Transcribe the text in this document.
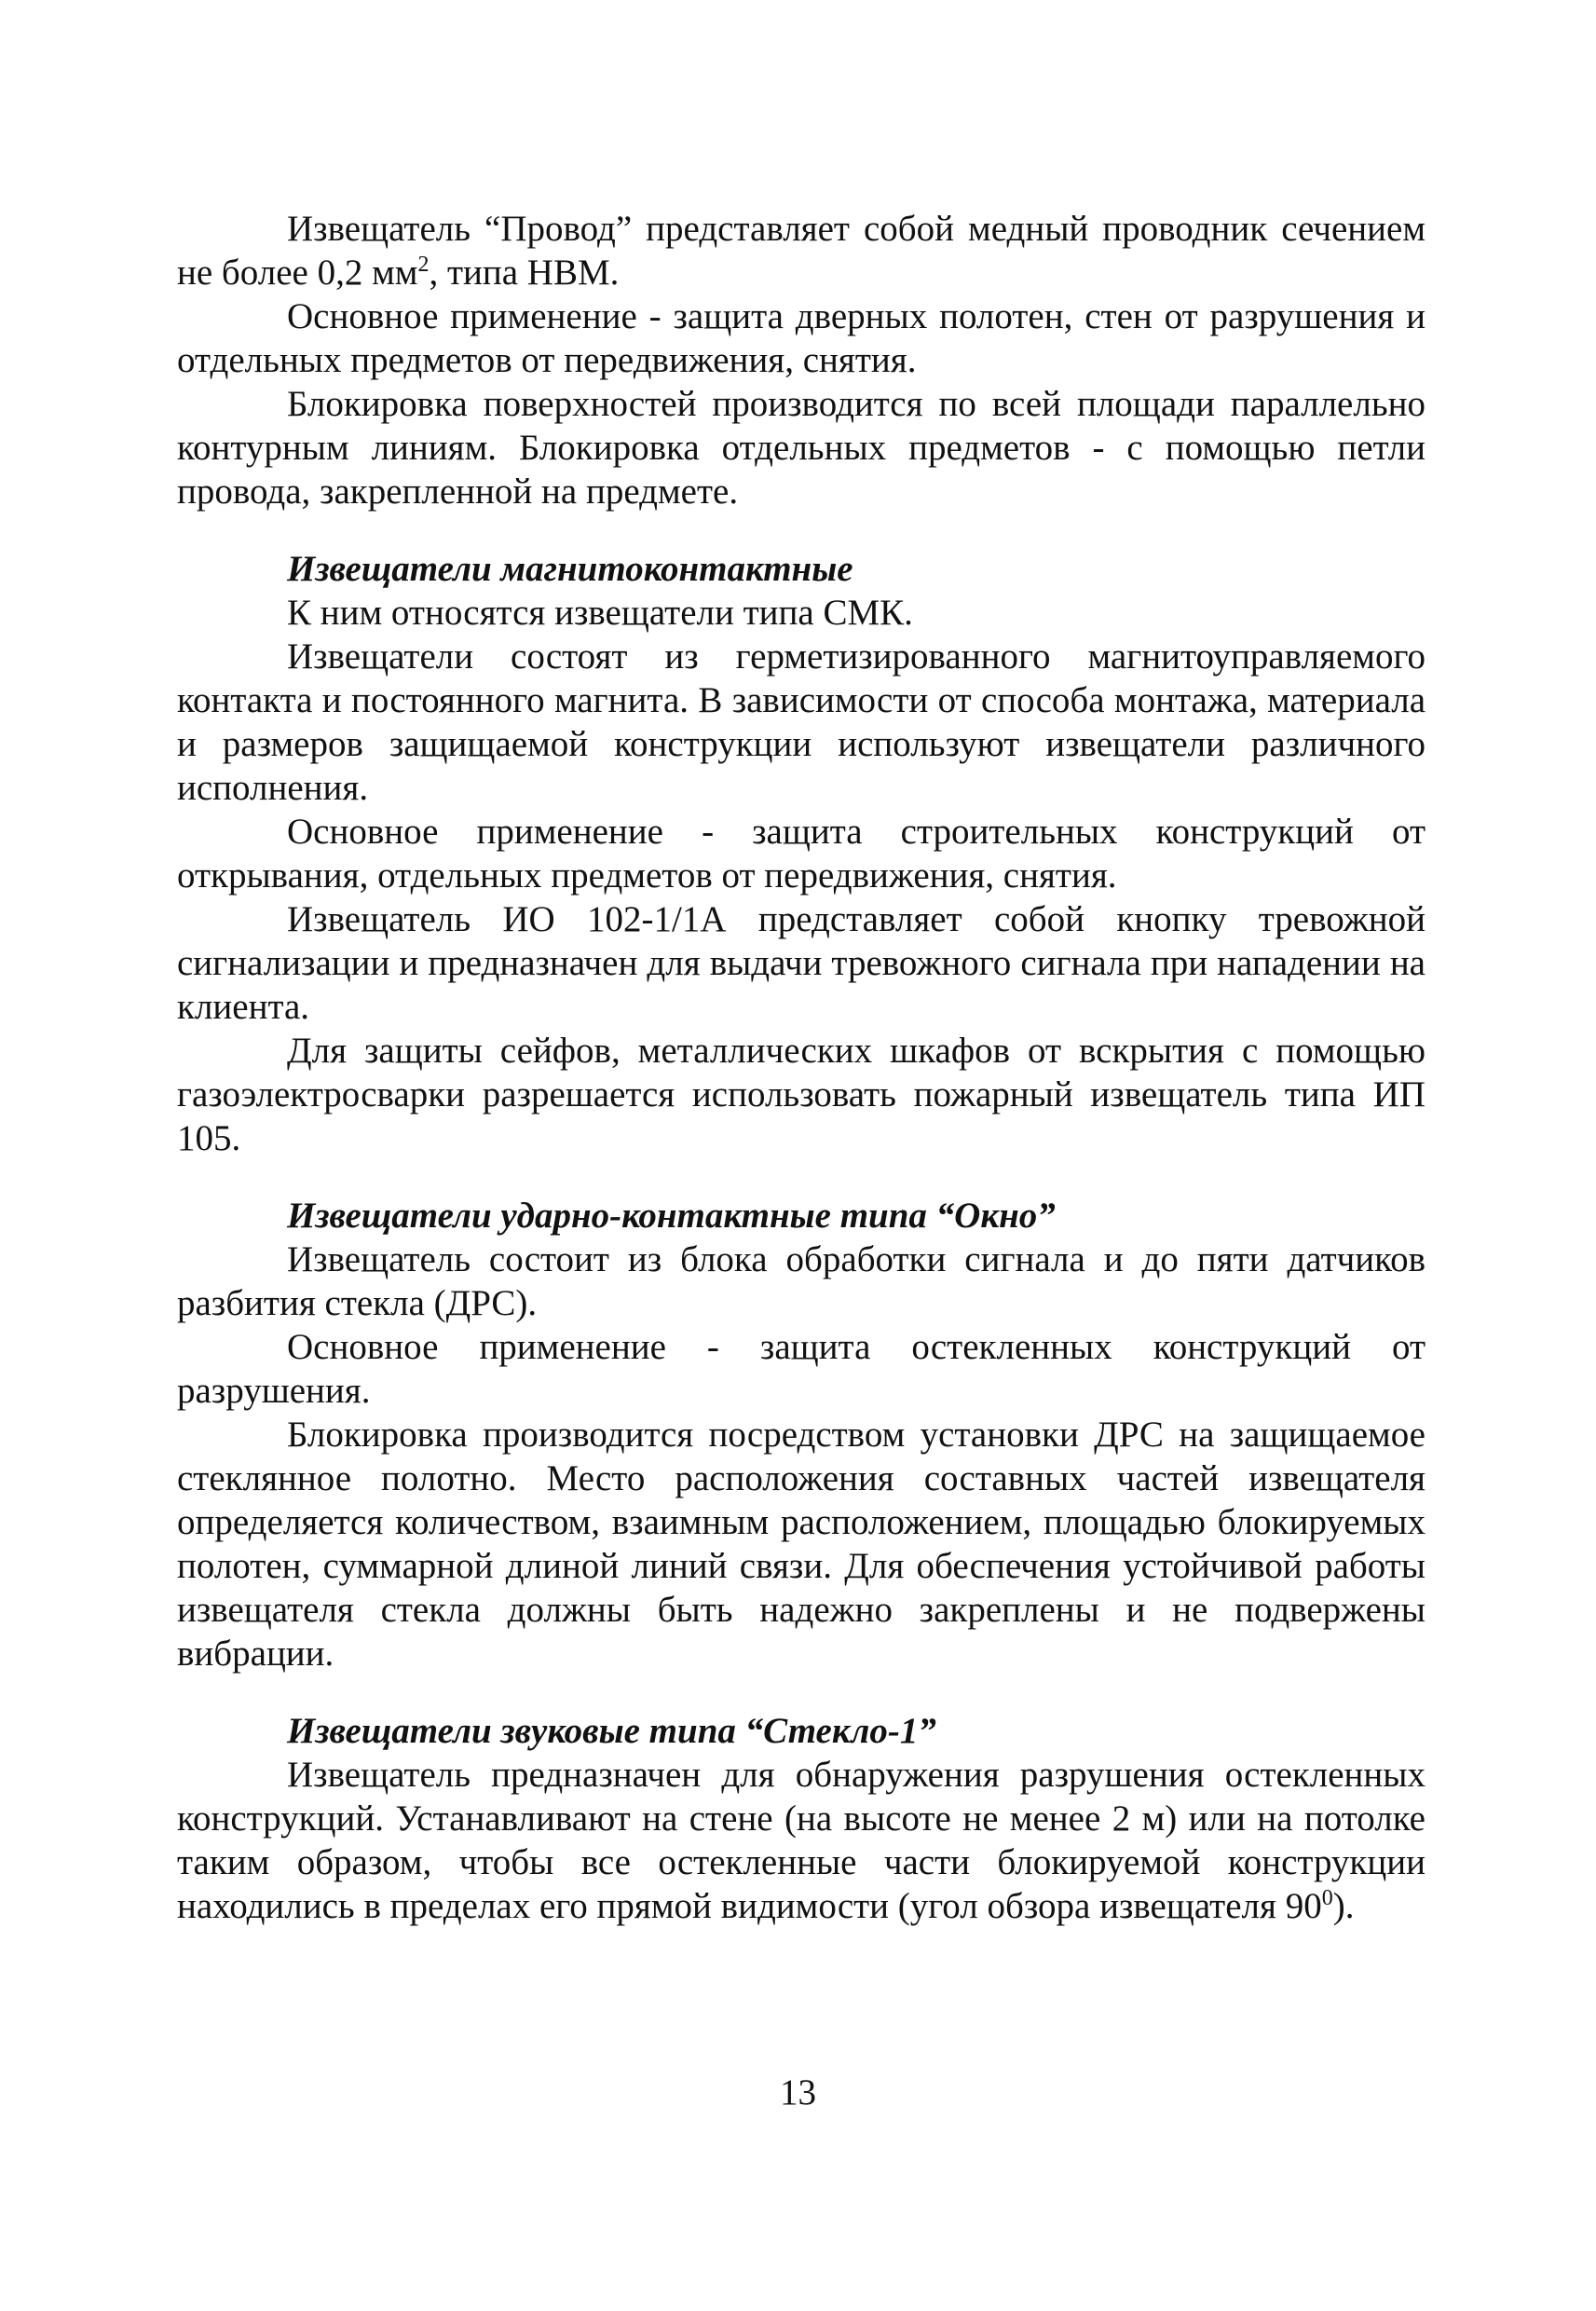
Извещатель “Провод” представляет собой медный проводник сечением не более 0,2 $мм^2$, типа НВМ.

Основное применение - защита дверных полотен, стен от разрушения и отдельных предметов от передвижения, снятия.

Блокировка поверхностей производится по всей площади параллельно контурным линиям. Блокировка отдельных предметов - с помощью петли провода, закрепленной на предмете.

Извещатели магнитоконтактные

К ним относятся извещатели типа СМК.

Извещатели состоят из герметизированного магнитоуправляемого контакта и постоянного магнита. В зависимости от способа монтажа, материала и размеров защищаемой конструкции используют извещатели различного исполнения.

Основное применение - защита строительных конструкций от открывания, отдельных предметов от передвижения, снятия.

Извещатель ИО 102-1/1А представляет собой кнопку тревожной сигнализации и предназначен для выдачи тревожного сигнала при нападении на клиента.

Для защиты сейфов, металлических шкафов от вскрытия с помощью газоэлектросварки разрешается использовать пожарный извещатель типа ИП 105.

Извещатели ударно-контактные типа “Окно”

Извещатель состоит из блока обработки сигнала и до пяти датчиков разбития стекла (ДРС).

Основное применение - защита остекленных конструкций от разрушения.

Блокировка производится посредством установки ДРС на защищаемое стеклянное полотно. Место расположения составных частей извещателя определяется количеством, взаимным расположением, площадью блокируемых полотен, суммарной длиной линий связи. Для обеспечения устойчивой работы извещателя стекла должны быть надежно закреплены и не подвержены вибрации.

Извещатели звуковые типа “Стекло-1”

Извещатель предназначен для обнаружения разрушения остекленных конструкций. Устанавливают на стене (на высоте не менее 2 м) или на потолке таким образом, чтобы все остекленные части блокируемой конструкции находились в пределах его прямой видимости (угол обзора извещателя $90^0$).

13
